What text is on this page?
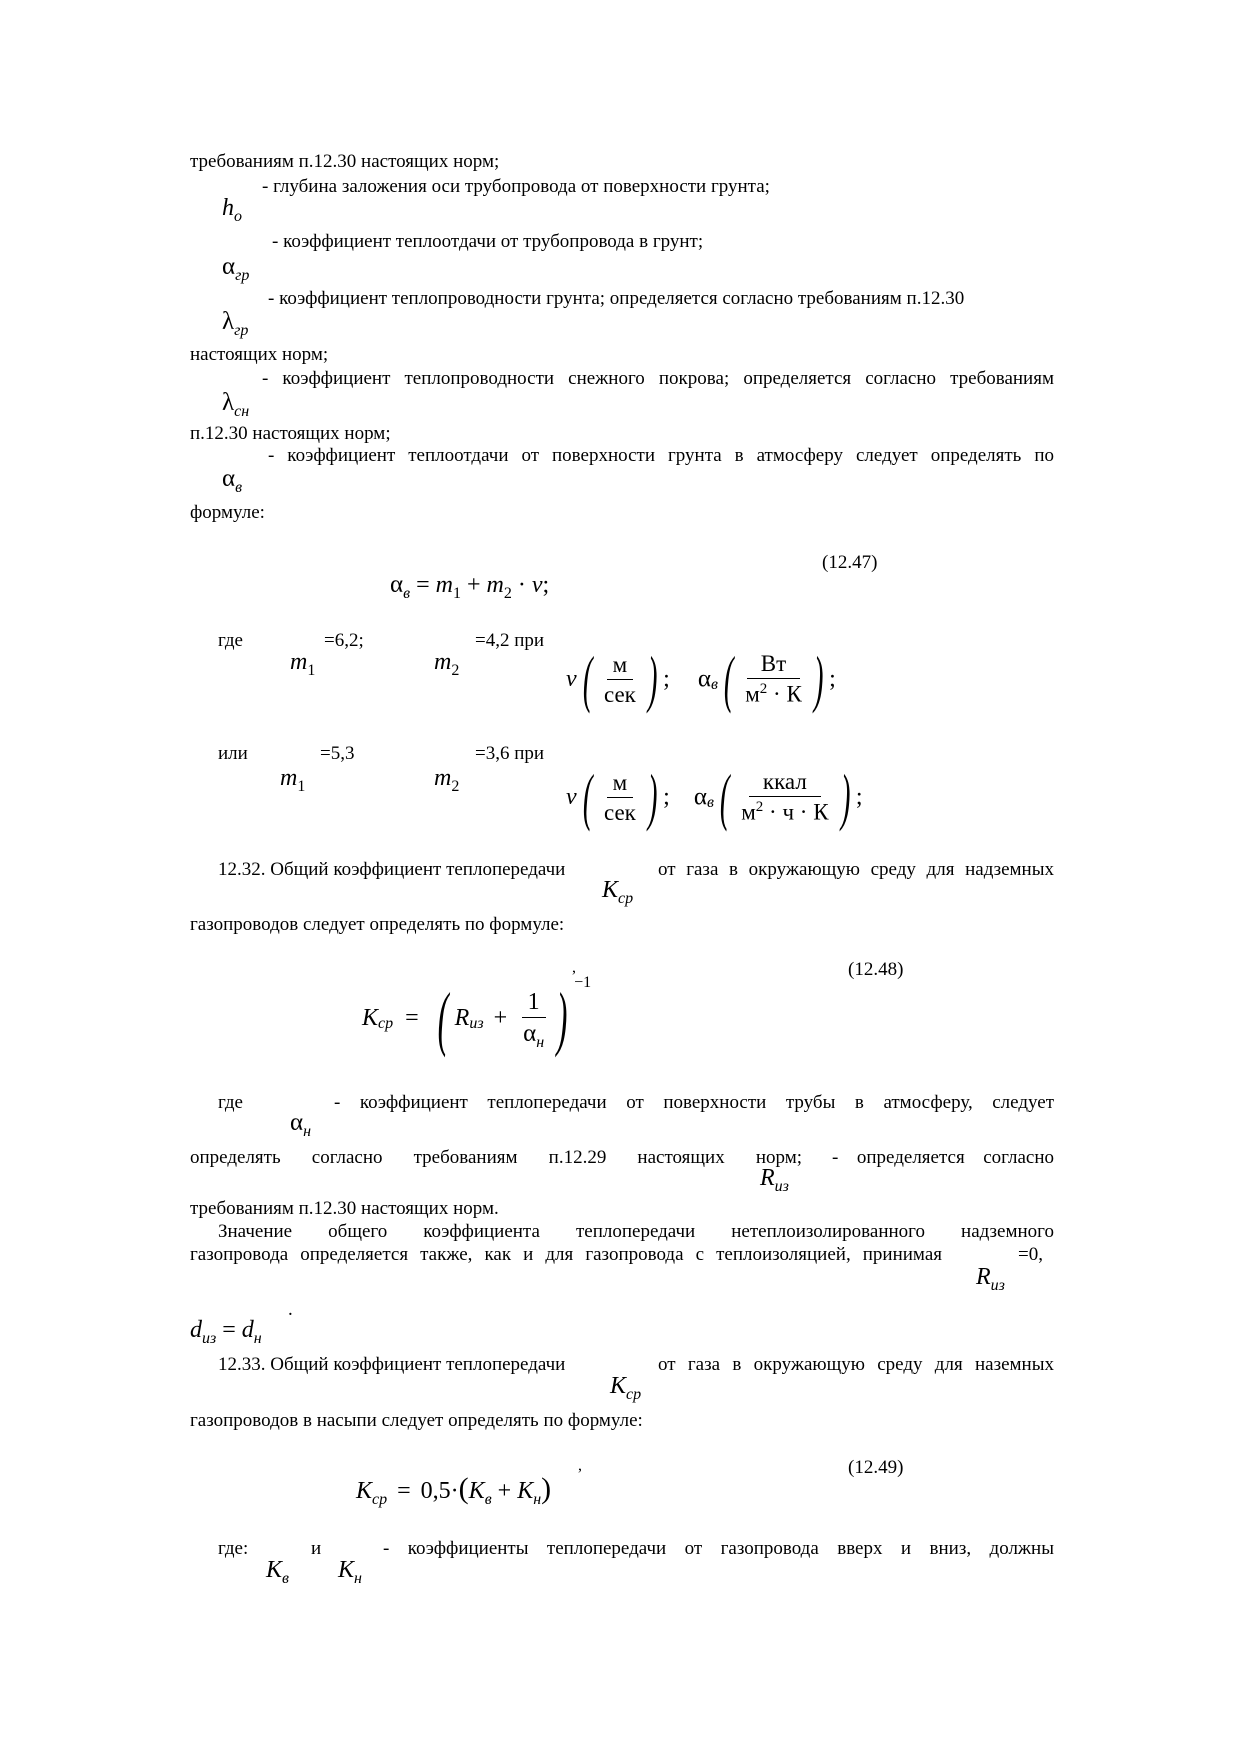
требованиям п.12.30 настоящих норм;
- глубина заложения оси трубопровода от поверхности грунта;
$h_o$
- коэффициент теплоотдачи от трубопровода в грунт;
$\alpha_{гр}$
- коэффициент теплопроводности грунта; определяется согласно требованиям п.12.30
$\lambda_{гр}$
настоящих норм;
- коэффициент теплопроводности снежного покрова; определяется согласно требованиям
$\lambda_{сн}$
п.12.30 настоящих норм;
- коэффициент теплоотдачи от поверхности грунта в атмосферу следует определять по
$\alpha_в$
формуле:
(12.47)
$\alpha_в = m_1 + m_2 \cdot v$;
где	=6,2;	=4,2 при
$m_1$	$m_2$	$v( \frac{м}{\text{сек}}$ ) ; $\alpha_в( \frac{Вт}{м^2 \cdot К}$ ) ;
или	=5,3	=3,6 при
$m_1$	$m_2$	$v( \frac{м}{\text{сек}}$ ) ; $\alpha_в( \frac{\text{ккал}}{м^2 \cdot ч \cdot К}$ ) ;
12.32. Общий коэффициент теплопередачи	от газа в окружающую среду для надземных
$K_{ср}$
газопроводов следует определять по формуле:
,	(12.48)
$K_{ср}$ = ( $R_{из} + \frac{1}{\alpha_н}$ ) $^{-1}$
где	- коэффициент теплопередачи от поверхности трубы в атмосферу, следует
$\alpha_н$
определять согласно требованиям п.12.29 настоящих норм; - определяется согласно
$R_{из}$
требованиям п.12.30 настоящих норм.
Значение общего коэффициента теплопередачи нетеплоизолированного надземного
газопровода определяется также, как и для газопровода с теплоизоляцией, принимая	=0,
$R_{из}$
.
$d_{из} = d_н$
12.33. Общий коэффициент теплопередачи	от газа в окружающую среду для наземных
$K_{ср}$
газопроводов в насыпи следует определять по формуле:
,	(12.49)
$K_{ср} = 0,5\cdot(K_в + K_н)$
где:	и	- коэффициенты теплопередачи от газопровода вверх и вниз, должны
$K_в$ $K_н$
